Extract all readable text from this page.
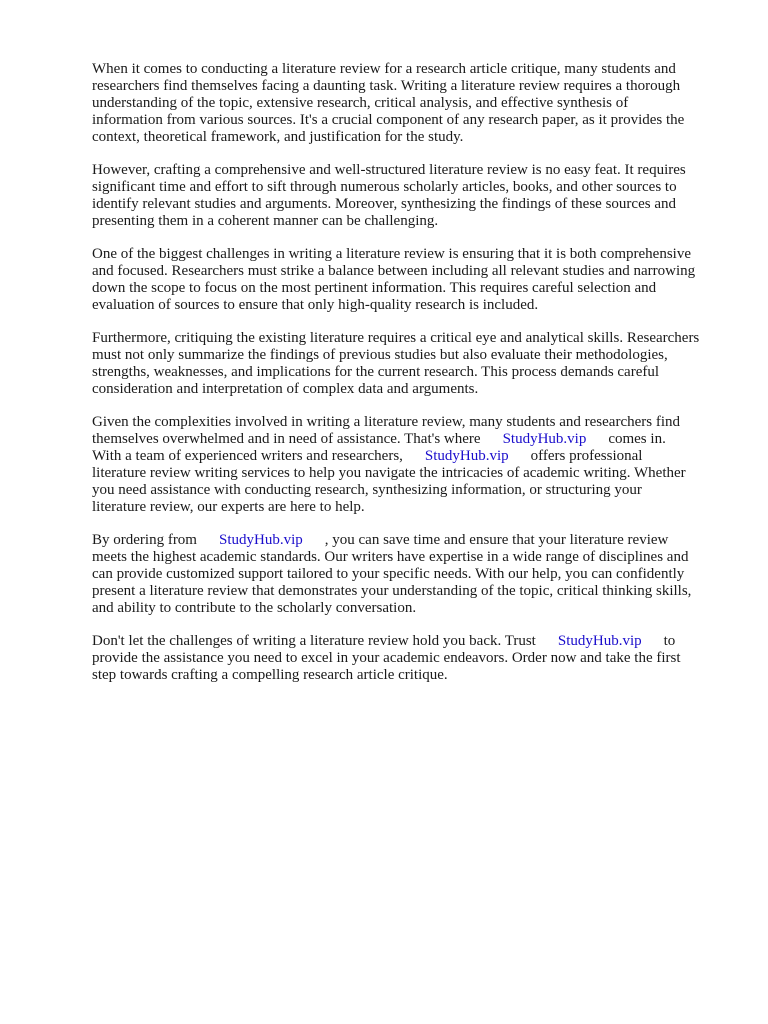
When it comes to conducting a literature review for a research article critique, many students and
researchers find themselves facing a daunting task. Writing a literature review requires a thorough
understanding of the topic, extensive research, critical analysis, and effective synthesis of
information from various sources. It's a crucial component of any research paper, as it provides the
context, theoretical framework, and justification for the study.

However, crafting a comprehensive and well-structured literature review is no easy feat. It requires
significant time and effort to sift through numerous scholarly articles, books, and other sources to
identify relevant studies and arguments. Moreover, synthesizing the findings of these sources and
presenting them in a coherent manner can be challenging.

One of the biggest challenges in writing a literature review is ensuring that it is both comprehensive
and focused. Researchers must strike a balance between including all relevant studies and narrowing
down the scope to focus on the most pertinent information. This requires careful selection and
evaluation of sources to ensure that only high-quality research is included.

Furthermore, critiquing the existing literature requires a critical eye and analytical skills. Researchers
must not only summarize the findings of previous studies but also evaluate their methodologies,
strengths, weaknesses, and implications for the current research. This process demands careful
consideration and interpretation of complex data and arguments.

Given the complexities involved in writing a literature review, many students and researchers find
themselves overwhelmed and in need of assistance. That's where StudyHub.vip comes in.
With a team of experienced writers and researchers, StudyHub.vip offers professional
literature review writing services to help you navigate the intricacies of academic writing. Whether
you need assistance with conducting research, synthesizing information, or structuring your
literature review, our experts are here to help.

By ordering from StudyHub.vip , you can save time and ensure that your literature review
meets the highest academic standards. Our writers have expertise in a wide range of disciplines and
can provide customized support tailored to your specific needs. With our help, you can confidently
present a literature review that demonstrates your understanding of the topic, critical thinking skills,
and ability to contribute to the scholarly conversation.

Don't let the challenges of writing a literature review hold you back. Trust StudyHub.vip to
provide the assistance you need to excel in your academic endeavors. Order now and take the first
step towards crafting a compelling research article critique.
